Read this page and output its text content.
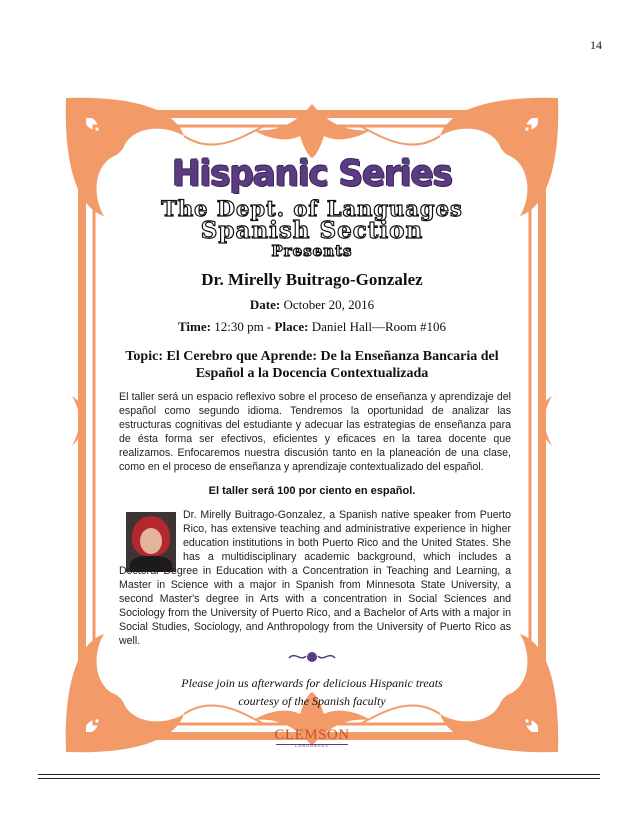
14
Hispanic Series
The Dept. of Languages
Spanish Section
Presents
Dr. Mirelly Buitrago-Gonzalez
Date: October 20, 2016
Time: 12:30 pm - Place: Daniel Hall—Room #106
Topic: El Cerebro que Aprende: De la Enseñanza Bancaria del
Español a la Docencia Contextualizada
El taller será un espacio reflexivo sobre el proceso de enseñanza y aprendizaje del español como segundo idioma. Tendremos la oportunidad de analizar las estructuras cognitivas del estudiante y adecuar las estrategias de enseñanza para de ésta forma ser efectivos, eficientes y eficaces en la tarea docente que realizamos. Enfocaremos nuestra discusión tanto en la planeación de una clase, como en el proceso de enseñanza y aprendizaje contextualizado del español.
El taller será 100 por ciento en español.
Dr. Mirelly Buitrago-Gonzalez, a Spanish native speaker from Puerto Rico, has extensive teaching and administrative experience in higher education institutions in both Puerto Rico and the United States. She has a multidisciplinary academic background, which includes a Doctoral Degree in Education with a Concentration in Teaching and Learning, a Master in Science with a major in Spanish from Minnesota State University, a second Master's degree in Arts with a concentration in Social Sciences and Sociology from the University of Puerto Rico, and a Bachelor of Arts with a major in Social Studies, Sociology, and Anthropology from the University of Puerto Rico as well.
Please join us afterwards for delicious Hispanic treats
courtesy of the Spanish faculty
CLEMSON
LANGUAGES
